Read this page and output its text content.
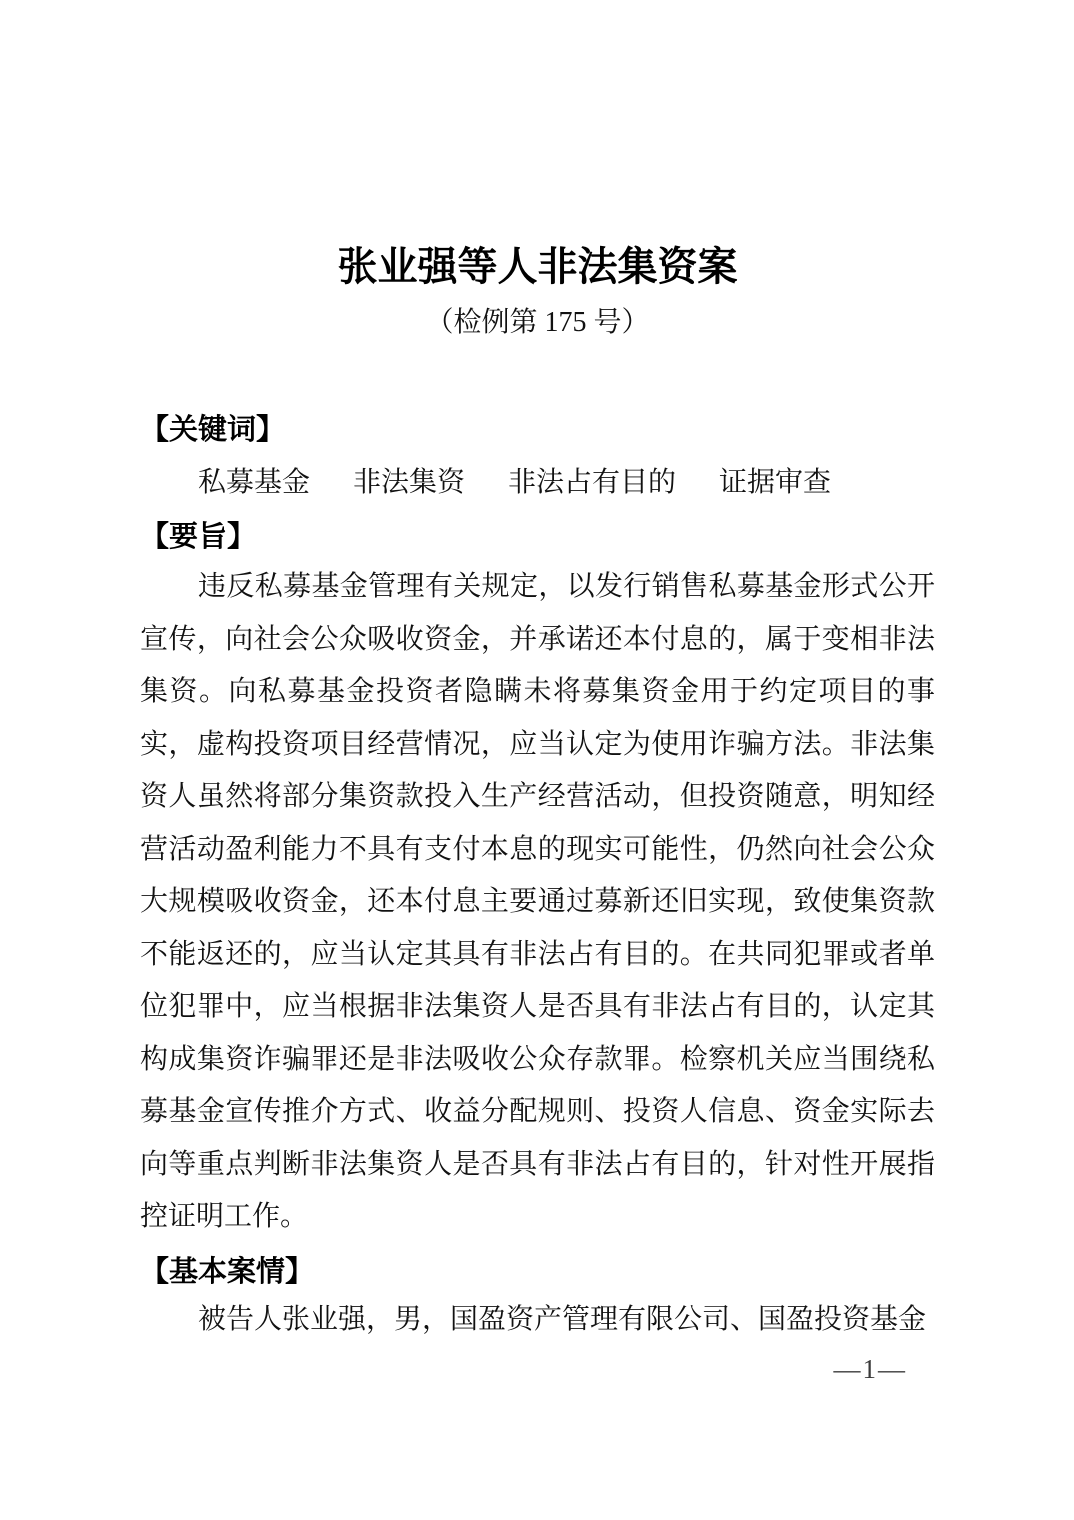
张业强等人非法集资案
（检例第 175 号）
【关键词】
私募基金 非法集资 非法占有目的 证据审查
【要旨】

违反私募基金管理有关规定，以发行销售私募基金形式公开宣传，向社会公众吸收资金，并承诺还本付息的，属于变相非法集资。向私募基金投资者隐瞒未将募集资金用于约定项目的事实，虚构投资项目经营情况，应当认定为使用诈骗方法。非法集资人虽然将部分集资款投入生产经营活动，但投资随意，明知经营活动盈利能力不具有支付本息的现实可能性，仍然向社会公众大规模吸收资金，还本付息主要通过募新还旧实现，致使集资款不能返还的，应当认定其具有非法占有目的。在共同犯罪或者单位犯罪中，应当根据非法集资人是否具有非法占有目的，认定其构成集资诈骗罪还是非法吸收公众存款罪。检察机关应当围绕私募基金宣传推介方式、收益分配规则、投资人信息、资金实际去向等重点判断非法集资人是否具有非法占有目的，针对性开展指控证明工作。

【基本案情】

被告人张业强，男，国盈资产管理有限公司、国盈投资基金

—1—
